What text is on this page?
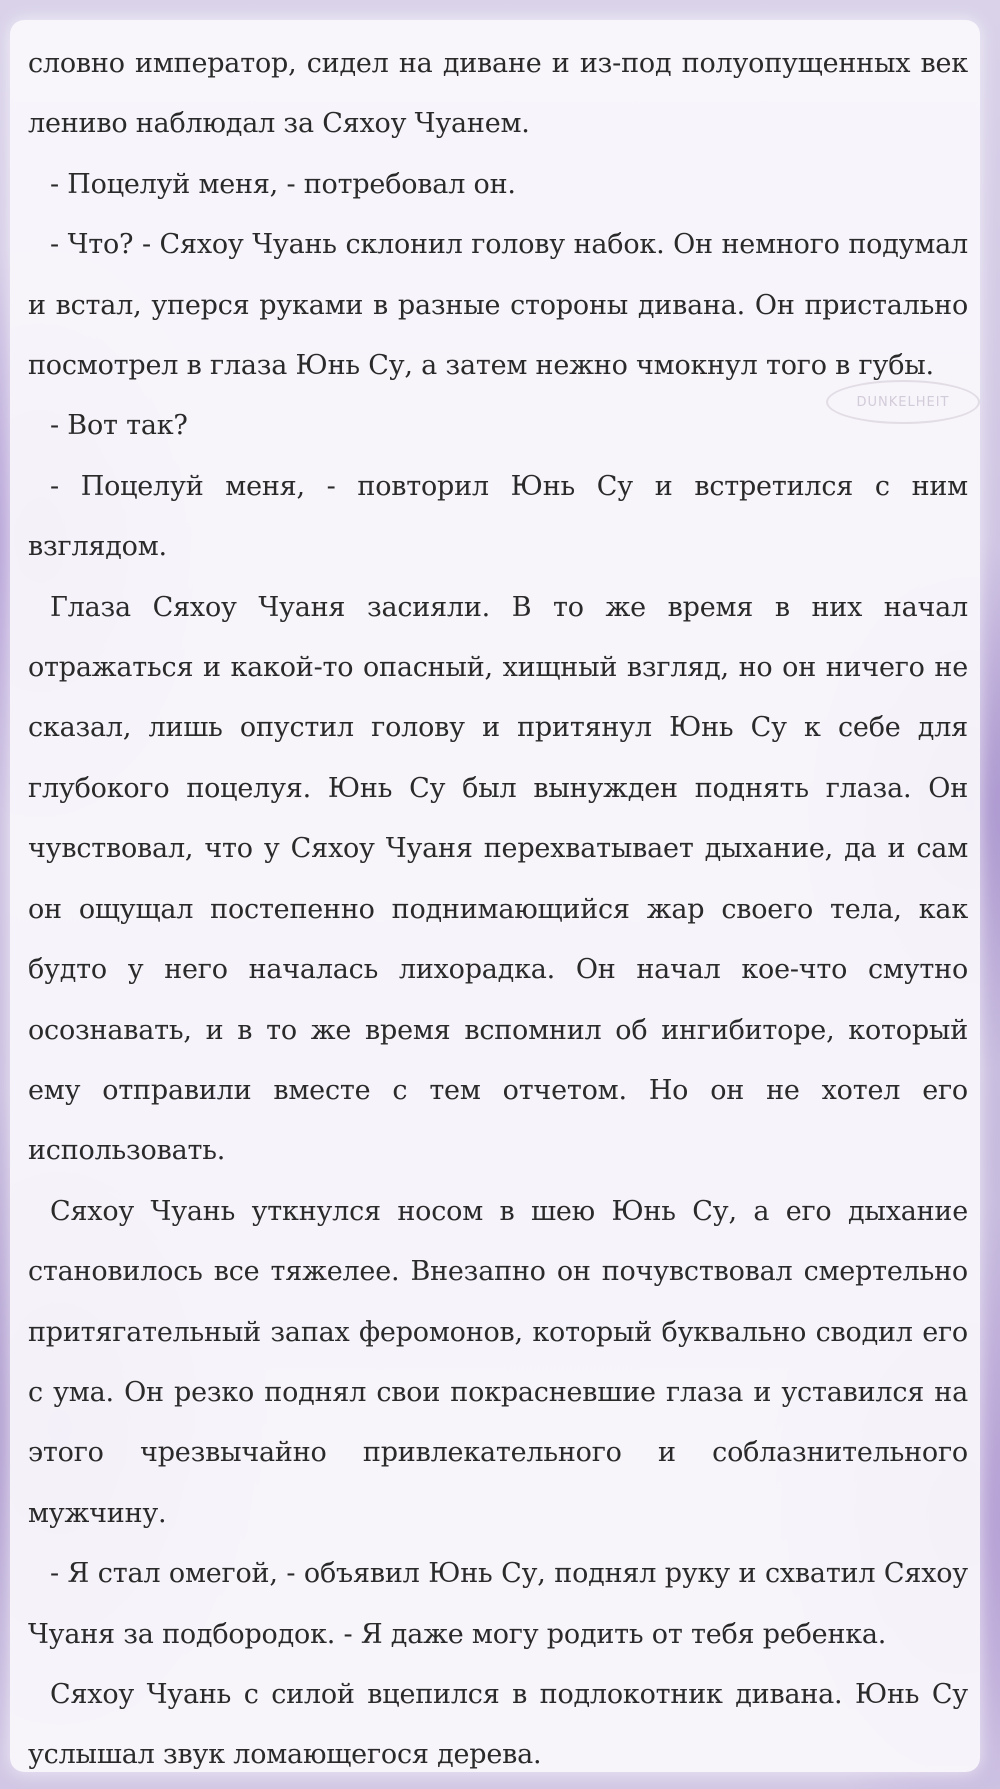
DUNKELHEIT

словно император, сидел на диване и из-под полуопущенных век лениво наблюдал за Сяхоу Чуанем.

- Поцелуй меня, - потребовал он.

- Что? - Сяхоу Чуань склонил голову набок. Он немного подумал и встал, уперся руками в разные стороны дивана. Он пристально посмотрел в глаза Юнь Су, а затем нежно чмокнул того в губы.

- Вот так?

- Поцелуй меня, - повторил Юнь Су и встретился с ним взглядом.

Глаза Сяхоу Чуаня засияли. В то же время в них начал отражаться и какой-то опасный, хищный взгляд, но он ничего не сказал, лишь опустил голову и притянул Юнь Су к себе для глубокого поцелуя. Юнь Су был вынужден поднять глаза. Он чувствовал, что у Сяхоу Чуаня перехватывает дыхание, да и сам он ощущал постепенно поднимающийся жар своего тела, как будто у него началась лихорадка. Он начал кое-что смутно осознавать, и в то же время вспомнил об ингибиторе, который ему отправили вместе с тем отчетом. Но он не хотел его использовать.

Сяхоу Чуань уткнулся носом в шею Юнь Су, а его дыхание становилось все тяжелее. Внезапно он почувствовал смертельно притягательный запах феромонов, который буквально сводил его с ума. Он резко поднял свои покрасневшие глаза и уставился на этого чрезвычайно привлекательного и соблазнительного мужчину.

- Я стал омегой, - объявил Юнь Су, поднял руку и схватил Сяхоу Чуаня за подбородок. - Я даже могу родить от тебя ребенка.

Сяхоу Чуань с силой вцепился в подлокотник дивана. Юнь Су услышал звук ломающегося дерева.
